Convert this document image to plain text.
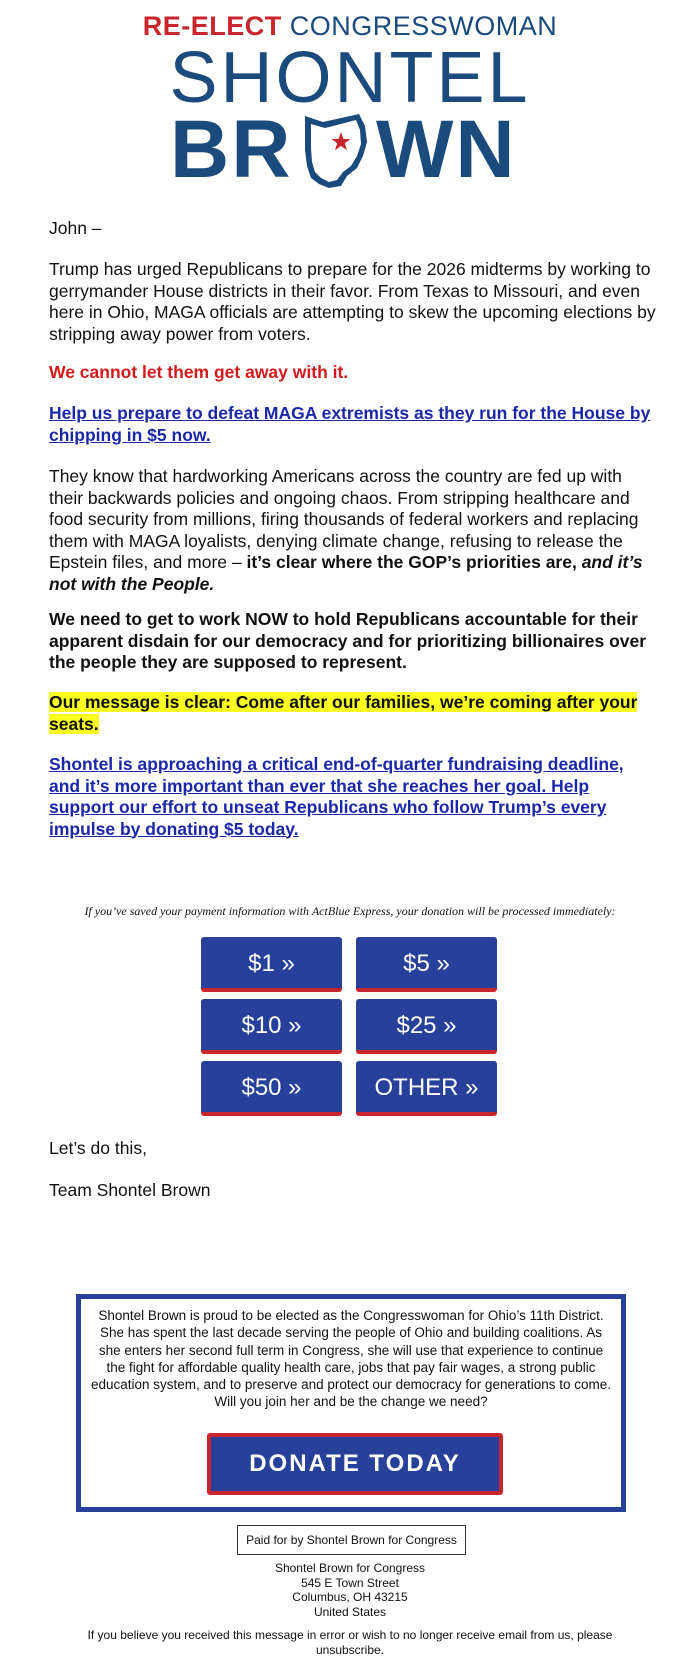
RE-ELECT CONGRESSWOMAN
SHONTEL
BR WN

John –

Trump has urged Republicans to prepare for the 2026 midterms by working to gerrymander House districts in their favor. From Texas to Missouri, and even here in Ohio, MAGA officials are attempting to skew the upcoming elections by stripping away power from voters.

We cannot let them get away with it.

Help us prepare to defeat MAGA extremists as they run for the House by chipping in $5 now.

They know that hardworking Americans across the country are fed up with their backwards policies and ongoing chaos. From stripping healthcare and food security from millions, firing thousands of federal workers and replacing them with MAGA loyalists, denying climate change, refusing to release the Epstein files, and more – it’s clear where the GOP’s priorities are, and it’s not with the People.

We need to get to work NOW to hold Republicans accountable for their apparent disdain for our democracy and for prioritizing billionaires over the people they are supposed to represent.

Our message is clear: Come after our families, we’re coming after your seats.

Shontel is approaching a critical end-of-quarter fundraising deadline, and it’s more important than ever that she reaches her goal. Help support our effort to unseat Republicans who follow Trump’s every impulse by donating $5 today.

If you’ve saved your payment information with ActBlue Express, your donation will be processed immediately:
$1 »	$5 »
$10 »	$25 »
$50 »	OTHER »

Let’s do this,

Team Shontel Brown

Shontel Brown is proud to be elected as the Congresswoman for Ohio’s 11th District. She has spent the last decade serving the people of Ohio and building coalitions. As she enters her second full term in Congress, she will use that experience to continue the fight for affordable quality health care, jobs that pay fair wages, a strong public education system, and to preserve and protect our democracy for generations to come. Will you join her and be the change we need?
DONATE TODAY
Paid for by Shontel Brown for Congress
Shontel Brown for Congress
545 E Town Street
Columbus, OH 43215
United States
If you believe you received this message in error or wish to no longer receive email from us, please unsubscribe.
